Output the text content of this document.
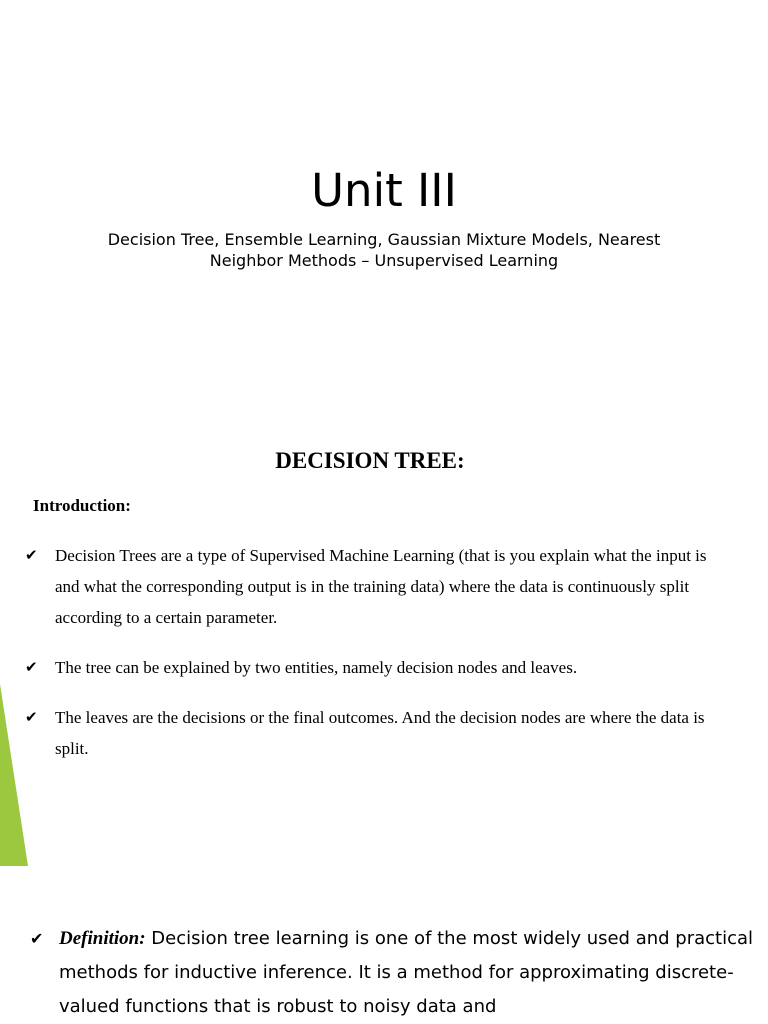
Unit III

Decision Tree, Ensemble Learning, Gaussian Mixture Models, Nearest Neighbor Methods – Unsupervised Learning

DECISION TREE:
Introduction:
✔ Decision Trees are a type of Supervised Machine Learning (that is you explain what the input is and what the corresponding output is in the training data) where the data is continuously split according to a certain parameter.
✔ The tree can be explained by two entities, namely decision nodes and leaves.
✔ The leaves are the decisions or the final outcomes. And the decision nodes are where the data is split.
✔ Definition: Decision tree learning is one of the most widely used and practical methods for inductive inference. It is a method for approximating discrete-valued functions that is robust to noisy data and
